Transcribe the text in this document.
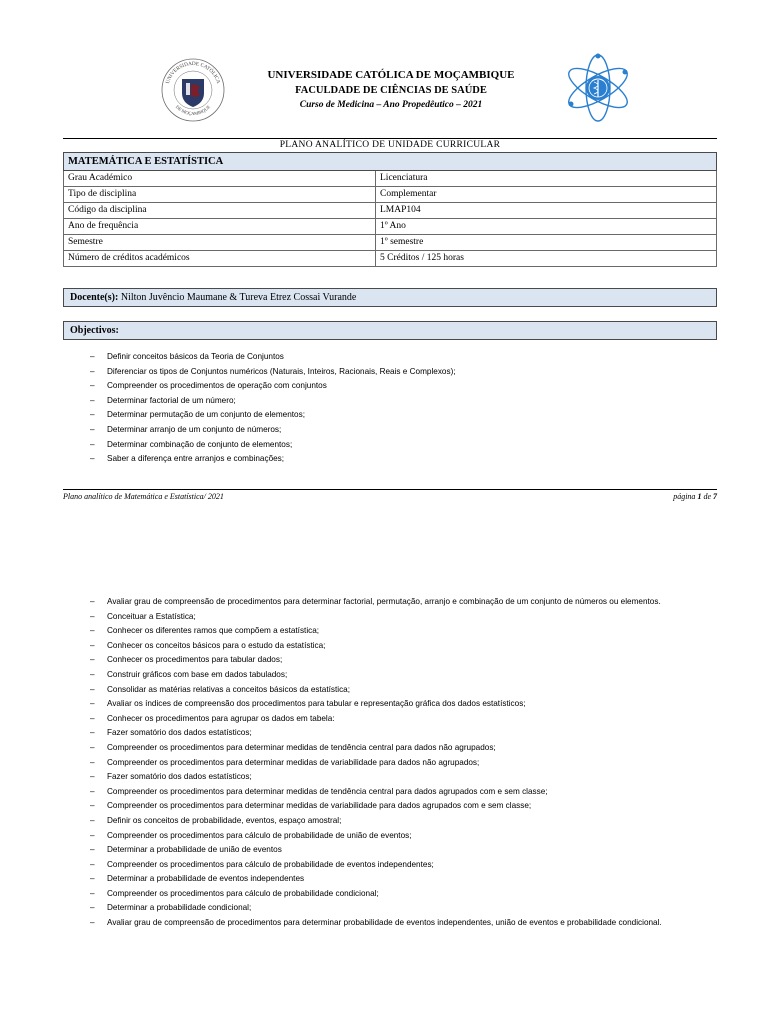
UNIVERSIDADE CATÓLICA
DE MOÇAMBIQUE
UNIVERSIDADE CATÓLICA DE MOÇAMBIQUE
FACULDADE DE CIÊNCIAS DE SAÚDE
Curso de Medicina – Ano Propedêutico – 2021
PLANO ANALÍTICO DE UNIDADE CURRICULAR
MATEMÁTICA E ESTATÍSTICA	
Grau Académico	Licenciatura
Tipo de disciplina	Complementar
Código da disciplina	LMAP104
Ano de frequência	1º Ano
Semestre	1º semestre
Número de créditos académicos	5 Créditos / 125 horas
Docente(s): Nilton Juvêncio Maumane & Tureva Etrez Cossai Vurande
Objectivos:
– Definir conceitos básicos da Teoria de Conjuntos
– Diferenciar os tipos de Conjuntos numéricos (Naturais, Inteiros, Racionais, Reais e Complexos);
– Compreender os procedimentos de operação com conjuntos
– Determinar factorial de um número;
– Determinar permutação de um conjunto de elementos;
– Determinar arranjo de um conjunto de números;
– Determinar combinação de conjunto de elementos;
– Saber a diferença entre arranjos e combinações;
Plano analítico de Matemática e Estatística/ 2021	página 1 de 7
– Avaliar grau de compreensão de procedimentos para determinar factorial, permutação, arranjo e combinação de um conjunto de números ou elementos.
– Conceituar a Estatística;
– Conhecer os diferentes ramos que compõem a estatística;
– Conhecer os conceitos básicos para o estudo da estatística;
– Conhecer os procedimentos para tabular dados;
– Construir gráficos com base em dados tabulados;
– Consolidar as matérias relativas a conceitos básicos da estatística;
– Avaliar os índices de compreensão dos procedimentos para tabular e representação gráfica dos dados estatísticos;
– Conhecer os procedimentos para agrupar os dados em tabela:
– Fazer somatório dos dados estatísticos;
– Compreender os procedimentos para determinar medidas de tendência central para dados não agrupados;
– Compreender os procedimentos para determinar medidas de variabilidade para dados não agrupados;
– Fazer somatório dos dados estatísticos;
– Compreender os procedimentos para determinar medidas de tendência central para dados agrupados com e sem classe;
– Compreender os procedimentos para determinar medidas de variabilidade para dados agrupados com e sem classe;
– Definir os conceitos de probabilidade, eventos, espaço amostral;
– Compreender os procedimentos para cálculo de probabilidade de união de eventos;
– Determinar a probabilidade de união de eventos
– Compreender os procedimentos para cálculo de probabilidade de eventos independentes;
– Determinar a probabilidade de eventos independentes
– Compreender os procedimentos para cálculo de probabilidade condicional;
– Determinar a probabilidade condicional;
– Avaliar grau de compreensão de procedimentos para determinar probabilidade de eventos independentes, união de eventos e probabilidade condicional.
